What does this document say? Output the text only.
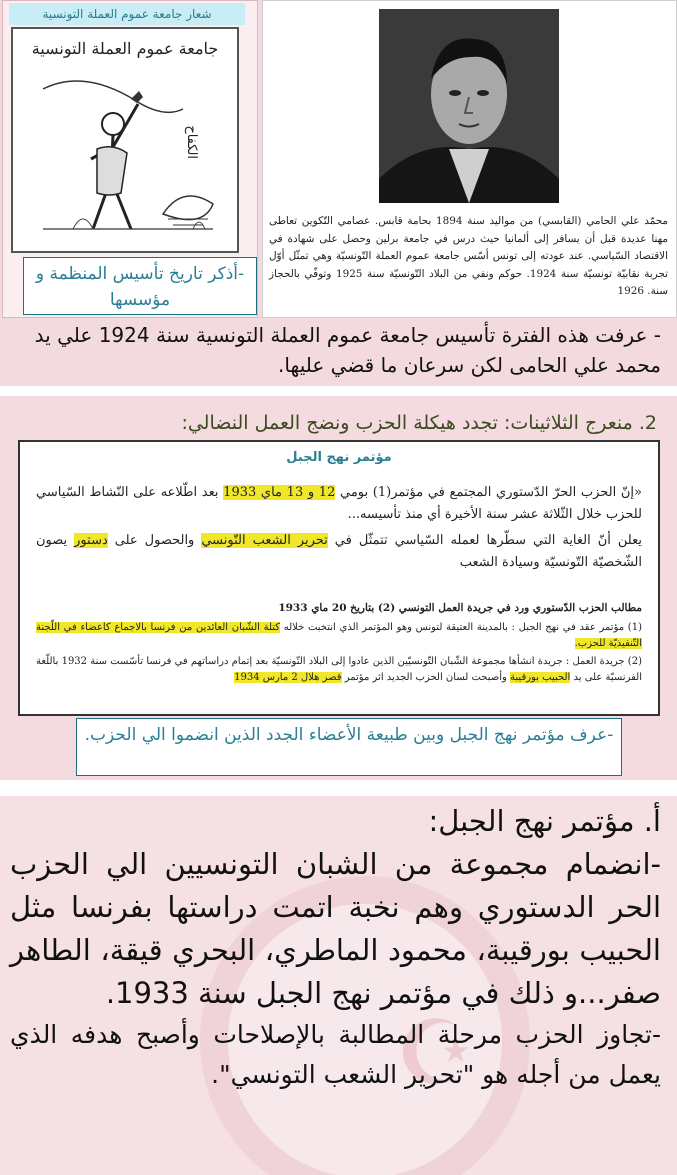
شعار جامعة عموم العملة التونسية
جامعة عموم العملة التونسية
الكفاح
-أذكر تاريخ تأسيس المنظمة و مؤسسها
محمّد علي الحامي (القابسي) من مواليد سنة 1894 بحامة قابس. عصامي التّكوين تعاطى مهنا عديدة قبل أن يسافر إلى ألمانيا حيث درس في جامعة برلين وحصل على شهادة في الاقتصاد السّياسي. عند عودته إلى تونس أسّس جامعة عموم العملة التّونسيّة وهي تمثّل أوّل تجربة نقابيّة تونسيّة سنة 1924. حوكم ونفي من البلاد التّونسيّة سنة 1925 وتوفّي بالحجاز سنة. 1926
- عرفت هذه الفترة تأسيس جامعة عموم العملة التونسية سنة 1924 علي يد محمد علي الحامى لكن سرعان ما قضي عليها.
2. منعرج الثلاثينات: تجدد هيكلة الحزب ونضج العمل النضالي:
مؤتمر نهج الجبل

«إنّ الحزب الحرّ الدّستوري المجتمع في مؤتمر(1) بومي 12 و 13 ماي 1933 بعد اطّلاعه على النّشاط السّياسي للحزب خلال الثّلاثة عشر سنة الأخيرة أي منذ تأسيسه...

يعلن أنّ الغاية التي سطّرها لعمله السّياسي تتمثّل في تحرير الشعب التّونسي والحصول على دستور يصون الشّخصيّة التّونسيّة وسيادة الشعب

مطالب الحزب الدّستوري ورد في جريدة العمل التونسي (2) بتاريخ 20 ماي 1933

(1) مؤتمر عقد في نهج الجبل : بالمدينة العتيقة لتونس وهو المؤتمر الذي انتخبت خلاله كتلة الشّبان العائدين من فرنسا بالاجماع كاعضاء في اللّجنة التّنفيذيّة للحزب.

(2) جريدة العمل : جريدة انشأها مجموعة الشّبان التّونسيّين الذين عادوا إلى البلاد التّونسيّة بعد إتمام دراساتهم في فرنسا تأسّست سنة 1932 باللّغة الفرنسيّة على يد الحبيب بورقيبة وأصبحت لسان الحزب الجديد اثر مؤتمر قصر هلال 2 مارس 1934

-عرف مؤتمر نهج الجبل وبين طبيعة الأعضاء الجدد الذين انضموا الي الحزب.
☪
أ. مؤتمر نهج الجبل:
-انضمام مجموعة من الشبان التونسيين الي الحزب الحر الدستوري وهم نخبة اتمت دراستها بفرنسا مثل الحبيب بورقيبة، محمود الماطري، البحري قيقة، الطاهر صفر...و ذلك في مؤتمر نهج الجبل سنة 1933.
-تجاوز الحزب مرحلة المطالبة بالإصلاحات وأصبح هدفه الذي يعمل من أجله هو "تحرير الشعب التونسي".
